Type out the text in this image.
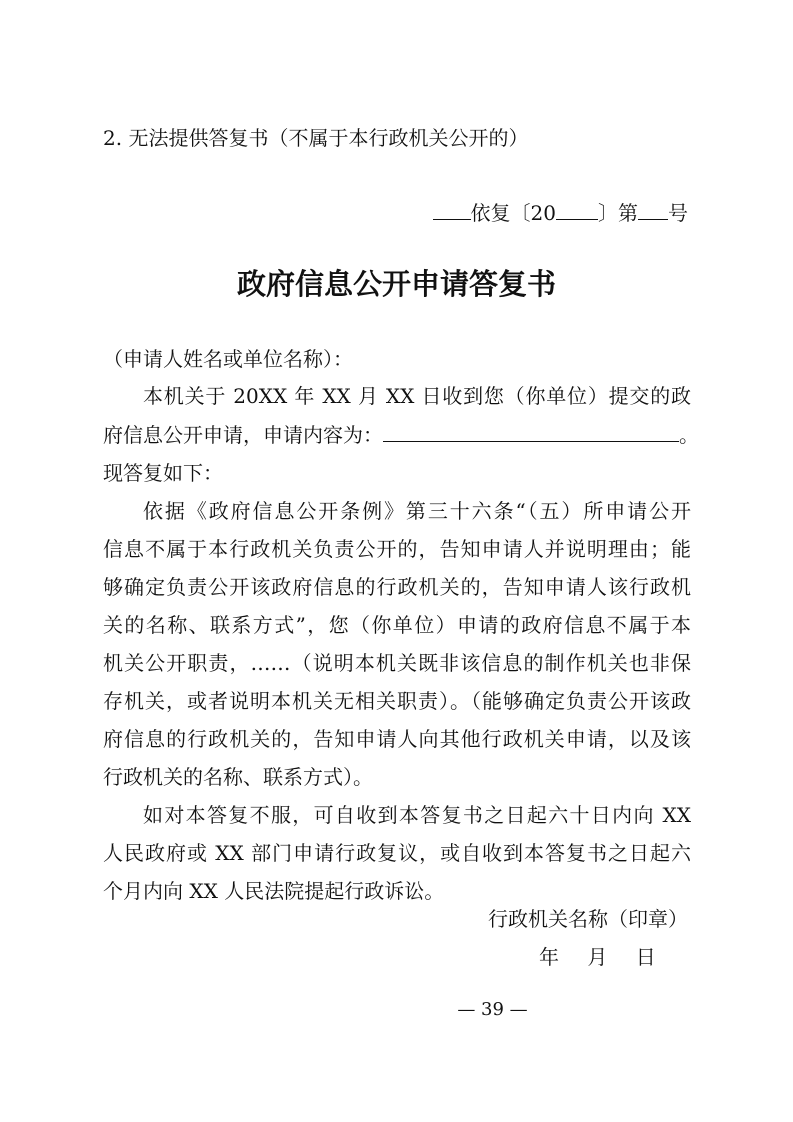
2. 无法提供答复书（不属于本行政机关公开的）
依复〔20 〕第 号
政府信息公开申请答复书
（申请人姓名或单位名称）：
本机关于 20XX 年 XX 月 XX 日收到您（你单位）提交的政
府信息公开申请，申请内容为：	。
现答复如下：
依据《政府信息公开条例》第三十六条“（五）所申请公开
信息不属于本行政机关负责公开的，告知申请人并说明理由；能
够确定负责公开该政府信息的行政机关的，告知申请人该行政机
关的名称、联系方式”，您（你单位）申请的政府信息不属于本
机关公开职责，……（说明本机关既非该信息的制作机关也非保
存机关，或者说明本机关无相关职责）。（能够确定负责公开该政
府信息的行政机关的，告知申请人向其他行政机关申请，以及该
行政机关的名称、联系方式）。
如对本答复不服，可自收到本答复书之日起六十日内向 XX
人民政府或 XX 部门申请行政复议，或自收到本答复书之日起六
个月内向 XX 人民法院提起行政诉讼。
行政机关名称（印章）
年 月 日
— 39 —
